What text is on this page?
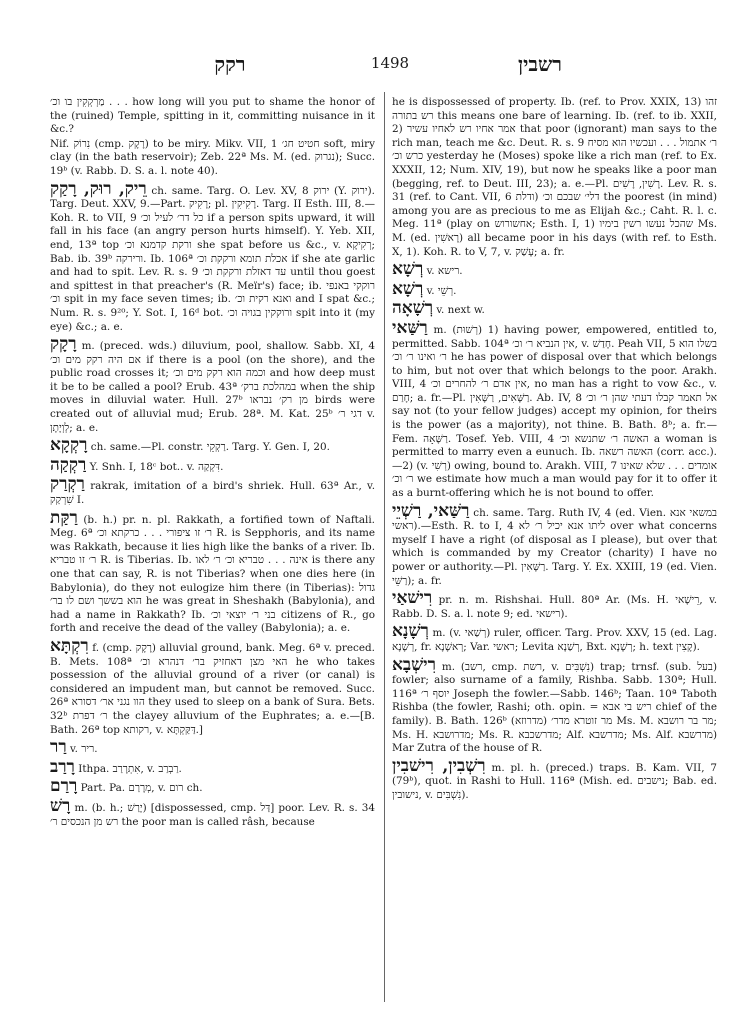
רקק	1498	רשבין

מַרְקְקִין בו וכ׳ . . . how long will you put to shame the honor of the (ruined) Temple, spitting in it, committing nuisance in it &c.?

Nif. נִרוֹק (cmp. רָקָק) to be miry. Mikv. VII, 1 חטיט חג׳ soft, miry clay (in the bath reservoir); Zeb. 22ª Ms. M. (ed. נגרוק); Succ. 19ᵇ (v. Rabb. D. S. a. l. note 40).

רֵיק, רוּק, רָקַק ch. same. Targ. O. Lev. XV, 8 ירוק (Y. ירוק). Targ. Deut. XXV, 9.—Part. רָקִיק; pl. רָקִיקִין. Targ. II Esth. III, 8.—Koh. R. to VII, 9 כל דר׳ לעיל וכ׳ if a person spits upward, it will fall in his face (an angry person hurts himself). Y. Yeb. XII, end, 13ª top ורקת קדמנא וכ׳ she spat before us &c., v. רְקִיקָא; Bab. ib. 39ᵇ ורירקה. Ib. 106ª אכלת תומא ורקקת וכ׳ if she ate garlic and had to spit. Lev. R. s. 9 עד דאזלת ורקקת וכ׳ until thou goest and spittest in that preacher's (R. Meïr's) face; ib. רוקקי באנפי וכ׳ spit in my face seven times; ib. ואנא רקית וכ׳ and I spat &c.; Num. R. s. 9²⁰; Y. Sot. I, 16ᵈ bot. ורוקקין בגויה וכ׳ spit into it (my eye) &c.; a. e.

רָקָק m. (preced. wds.) diluvium, pool, shallow. Sabb. XI, 4 אם היה רקק מים וכ׳ if there is a pool (on the shore), and the public road crosses it; וכמה הוא רקק מים וכ׳ and how deep must it be to be called a pool? Erub. 43ª במהלכת ברק׳ when the ship moves in diluvial water. Hull. 27ᵇ מן רק׳ נבראו birds were created out of alluvial mud; Erub. 28ª. M. Kat. 25ᵇ דגי ר׳ v. לְוְיָתָן; a. e.

רָקְקָא ch. same.—Pl. constr. רַקְקֵי. Targ. Y. Gen. I, 20.

רַקְקַה Y. Snh. I, 18ᶜ bot.. v. דִּקְקַה.

רַקְרַק rakrak, imitation of a bird's shriek. Hull. 63ª Ar., v. שִׁרְקַק I.

רַקַּת (b. h.) pr. n. pl. Rakkath, a fortified town of Naftali. Meg. 6ª ר׳ זו ציפורי . . . כרקתא וכ׳ R. is Sepphoris, and its name was Rakkath, because it lies high like the banks of a river. Ib. ר׳ זו טבריא R. is Tiberias. Ib. אינה . . . טבריא וכ׳ ר׳ לאו is there any one that can say, R. is not Tiberias? when one dies here (in Babylonia), do they not eulogize him there (in Tiberias): גדול הוא בששך ושם לו בר׳ he was great in Sheshakh (Babylonia), and had a name in Rakkath? Ib. בני ר׳ יוצאי וכ׳ citizens of R., go forth and receive the dead of the valley (Babylonia); a. e.

רִקְתָּא f. (cmp. רָקָק) alluvial ground, bank. Meg. 6ª v. preced. B. Mets. 108ª האי מצן דאחזיק בר׳ דנהרא וכ׳ he who takes possession of the alluvial ground of a river (or canal) is considered an impudent man, but cannot be removed. Succ. 26ª הוו נגני אר׳ דסורא they used to sleep on a bank of Sura. Bets. 32ᵇ ר׳ דפרת the clayey alluvium of the Euphrates; a. e.—[B. Bath. 26ª top רקותא, v. דַּקַּקְתָּא.]

רַר v. ריר.

רָרַב Ithpa. אִתְרָרַב, v. רַבְרַב.

רָרַם Part. Pa. מְרָרַם, v. רום ch.

רָשׁ m. (b. h.; יָרַשׁ) [dispossessed, cmp. דַּל] poor. Lev. R. s. 34 רש מן הנכסים ר׳ the poor man is called râsh, because

he is dispossessed of property. Ib. (ref. to Prov. XXIX, 13) זהו רש בתורה this means one bare of learning. Ib. (ref. to ib. XXII, 2) אמר אחיו רש לאחיו עשיר that poor (ignorant) man says to the rich man, teach me &c. Deut. R. s. 9 ר׳ אתמול . . . ועכשיו הוא מסיח כרש וכ׳ yesterday he (Moses) spoke like a rich man (ref. to Ex. XXXII, 12; Num. XIV, 19), but now he speaks like a poor man (begging, ref. to Deut. III, 23); a. e.—Pl. רָשִׁין, רָשִׁים. Lev. R. s. 31 (ref. to Cant. VII, 6 ודלת) דלי׳ שבכם וכ׳ the poorest (in mind) among you are as precious to me as Elijah &c.; Caht. R. l. c. Meg. 11ª (play on אחשורוש; Esth. I, 1) שהכל נעשו רשין בימיו Ms. M. (ed. רָאשִׁין) all became poor in his days (with ref. to Esth. X, 1). Koh. R. to V, 7, v. עָשַׁק; a. fr.

רְשָׁא v. רישא.

רְשָׁא v. רְשֵׁי.

רְשָׁאָה v. next w.

רַשַּׁאי m. (רְשׁוּת) 1) having power, empowered, entitled to, permitted. Sabb. 104ª אין הנביא ר׳ וכ׳, v. חָדַשׁ. Peah VII, 5 בשלו הוא ר׳ ואינו ר׳ וכ׳ he has power of disposal over that which belongs to him, but not over that which belongs to the poor. Arakh. VIII, 4 אין אדם ר׳ להחרים וכ׳, no man has a right to vow &c., v. חָרַם; a. fr.—Pl. רַשָּׁאִים, רַשָּׁאִין. Ab. IV, 8 אל תאמר קבלו דעתי שהן ר׳ וכ׳ say not (to your fellow judges) accept my opinion, for theirs is the power (as a majority), not thine. B. Bath. 8ᵇ; a. fr.—Fem. רַשָּׁאָה. Tosef. Yeb. VIII, 4 האשה ר׳ שתנשא וכ׳ a woman is permitted to marry even a eunuch. Ib. האשה רשאה (corr. acc.).—2) (v. רְשִׁי) owing, bound to. Arakh. VIII, 7 אומדים . . . שלא שאינו ר׳ וכ׳ we estimate how much a man would pay for it to offer it as a burnt-offering which he is not bound to offer.

רַשַּׁאי, רַשְׁיֵי ch. same. Targ. Ruth IV, 4 (ed. Vien. במשאי אנא ראשי).—Esth. R. to I, 4 ליתו אנא יכיל ר׳ לא over what concerns myself I have a right (of disposal as I please), but over that which is commanded by my Creator (charity) I have no power or authority.—Pl. רַשָּׁאִין. Targ. Y. Ex. XXIII, 19 (ed. Vien. רַשֵּׁי); a. fr.

רִישׁאַי pr. n. m. Rishshai. Hull. 80ª Ar. (Ms. H. רֵישָׁאי, v. Rabb. D. S. a. l. note 9; ed. רישאי).

רְשָׁנָא m. (v. רְשַׁאי) ruler, officer. Targ. Prov. XXV, 15 (ed. Lag. רְשָׁנָא, fr. רְאשָׁנָא; Var. ראשי; Levita רְשַׁנָא, Bxt. רְשָׁנָא; h. text קָצִין).

רִישְׁבָא m. (רשב, cmp. רשת, v. נִשְׁבִּים) trap; trnsf. (sub. בעל) fowler; also surname of a family, Rishba. Sabb. 130ª; Hull. 116ª יוסף ר׳ Joseph the fowler.—Sabb. 146ᵇ; Taan. 10ª Taboth Rishba (the fowler, Rashi; oth. opin. = ריש בי אבא chief of the family). B. Bath. 126ᵇ (מדרוזא) מר זוטרא מדר׳ Ms. M. מר בר רושבא; Ms. H. מדרושבא; Ms. R. מדרשכבא; Alf. מדרשבא; Ms. Alf. מדרשבא) Mar Zutra of the house of R.

רִשְׁבִין, רִישׁבִין m. pl. h. (preced.) traps. B. Kam. VII, 7 (79ᵇ), quot. in Rashi to Hull. 116ª (Mish. ed. נישבים; Bab. ed. נישובין, v. נִשְׁבִּים).
